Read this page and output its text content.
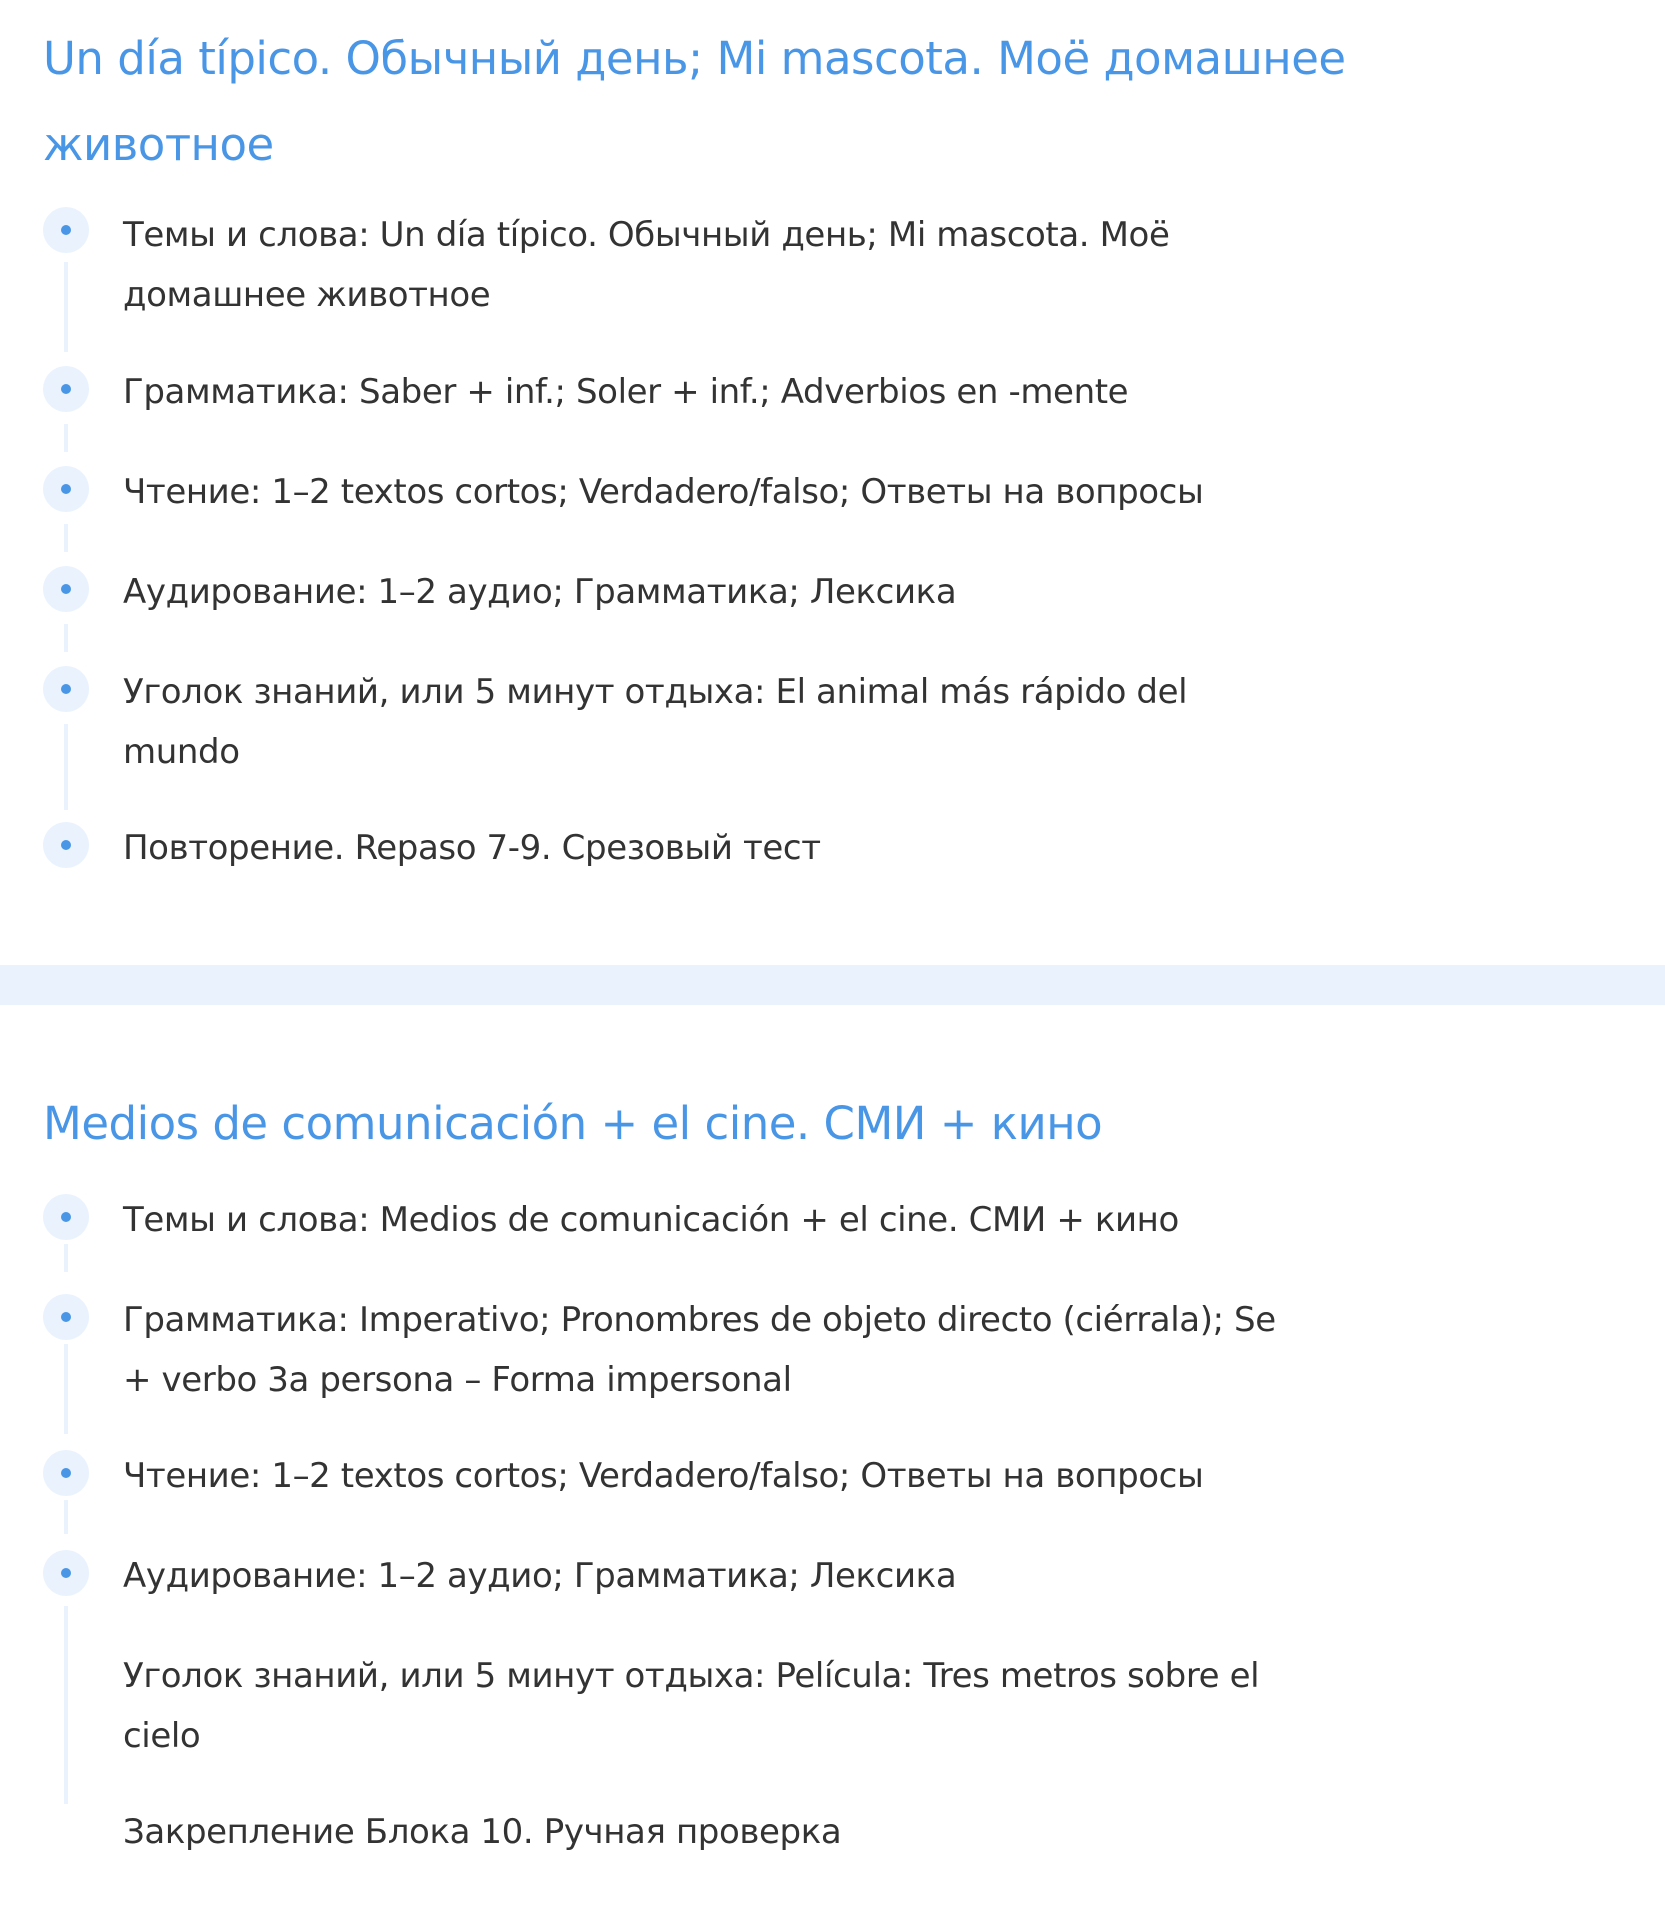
Un día típico. Обычный день; Mi mascota. Моё домашнее животное
Темы и слова: Un día típico. Обычный день; Mi mascota. Моё домашнее животное
Грамматика: Saber + inf.; Soler + inf.; Adverbios en -mente
Чтение: 1–2 textos cortos; Verdadero/falso; Ответы на вопросы
Аудирование: 1–2 аудио; Грамматика; Лексика
Уголок знаний, или 5 минут отдыха: El animal más rápido del mundo
Повторение. Repaso 7-9. Срезовый тест
Medios de comunicación + el cine. СМИ + кино
Темы и слова: Medios de comunicación + el cine. СМИ + кино
Грамматика: Imperativo; Pronombres de objeto directo (ciérrala); Se + verbo 3a persona – Forma impersonal
Чтение: 1–2 textos cortos; Verdadero/falso; Ответы на вопросы
Аудирование: 1–2 аудио; Грамматика; Лексика
Уголок знаний, или 5 минут отдыха: Película: Tres metros sobre el cielo
Закрепление Блока 10. Ручная проверка
